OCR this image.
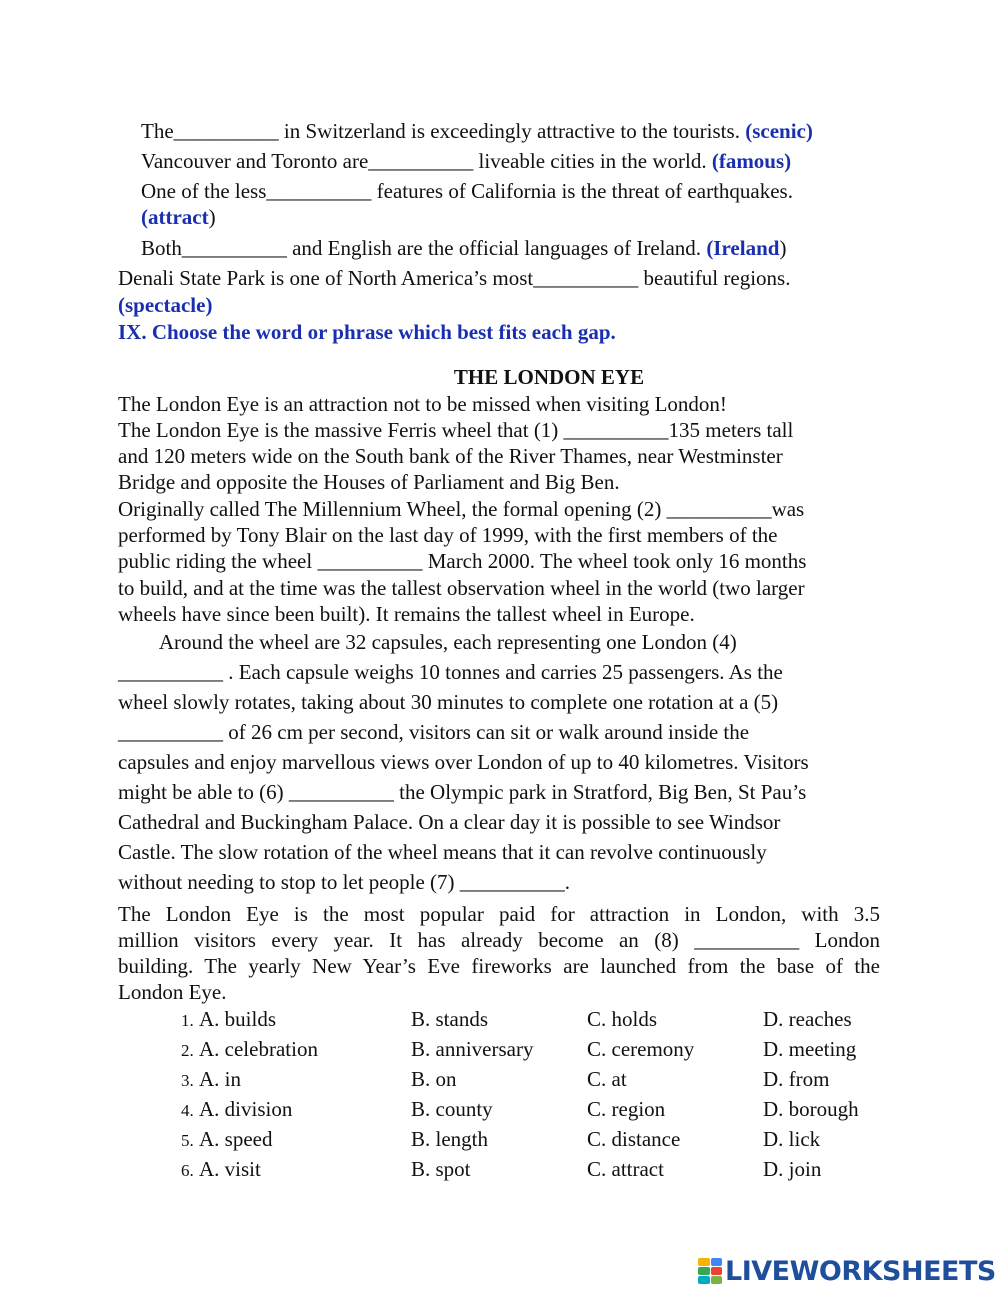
The__________ in Switzerland is exceedingly attractive to the tourists. (scenic)
Vancouver and Toronto are__________ liveable cities in the world. (famous)
One of the less__________ features of California is the threat of earthquakes.
(attract)
Both__________ and English are the official languages of Ireland. (Ireland)
Denali State Park is one of North America’s most__________ beautiful regions.
(spectacle)
IX. Choose the word or phrase which best fits each gap.
THE LONDON EYE
The London Eye is an attraction not to be missed when visiting London!
The London Eye is the massive Ferris wheel that (1) __________135 meters tall
and 120 meters wide on the South bank of the River Thames, near Westminster
Bridge and opposite the Houses of Parliament and Big Ben.
Originally called The Millennium Wheel, the formal opening (2) __________was
performed by Tony Blair on the last day of 1999, with the first members of the
public riding the wheel __________ March 2000. The wheel took only 16 months
to build, and at the time was the tallest observation wheel in the world (two larger
wheels have since been built). It remains the tallest wheel in Europe.
Around the wheel are 32 capsules, each representing one London (4)
__________ . Each capsule weighs 10 tonnes and carries 25 passengers. As the
wheel slowly rotates, taking about 30 minutes to complete one rotation at a (5)
__________ of 26 cm per second, visitors can sit or walk around inside the
capsules and enjoy marvellous views over London of up to 40 kilometres. Visitors
might be able to (6) __________ the Olympic park in Stratford, Big Ben, St Pau’s
Cathedral and Buckingham Palace. On a clear day it is possible to see Windsor
Castle. The slow rotation of the wheel means that it can revolve continuously
without needing to stop to let people (7) __________.
The London Eye is the most popular paid for attraction in London, with 3.5
million visitors every year. It has already become an (8) __________ London
building. The yearly New Year’s Eve fireworks are launched from the base of the
London Eye.
1. A. builds	B. stands	C. holds	D. reaches
2. A. celebration	B. anniversary	C. ceremony	D. meeting
3. A. in	B. on	C. at	D. from
4. A. division	B. county	C. region	D. borough
5. A. speed	B. length	C. distance	D. lick
6. A. visit	B. spot	C. attract	D. join
LIVEWORKSHEETS
